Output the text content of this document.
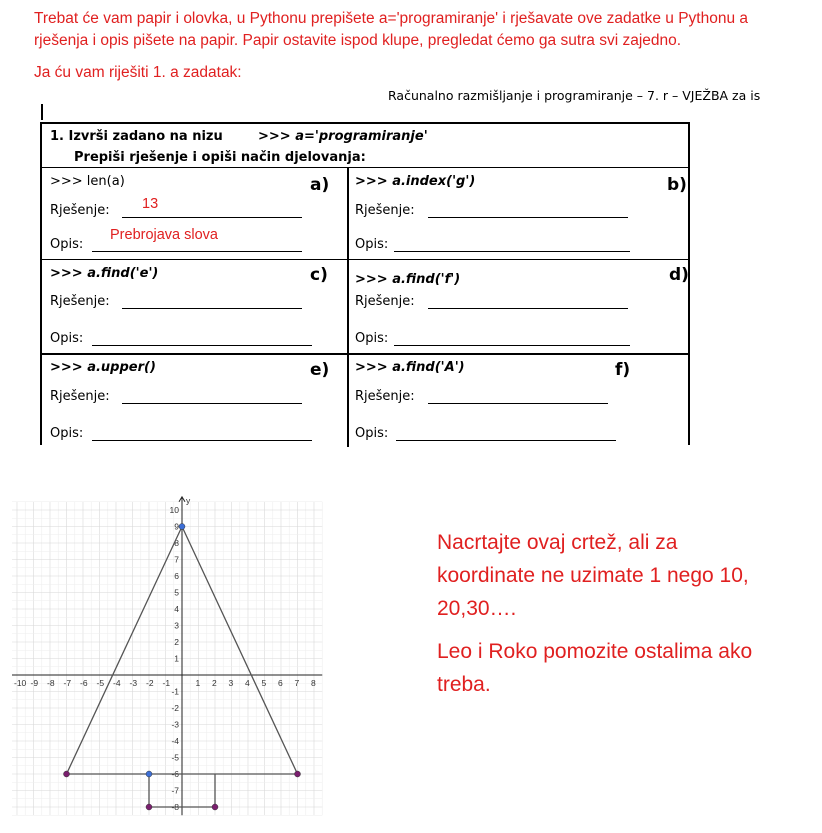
Trebat će vam papir i olovka, u Pythonu prepišete a='programiranje' i rješavate ove zadatke u Pythonu a rješenja i opis pišete na papir. Papir ostavite ispod klupe, pregledat ćemo ga sutra svi zajedno.
Ja ću vam riješiti 1. a zadatak:
Računalno razmišljanje i programiranje – 7. r – VJEŽBA za is
1. Izvrši zadano na nizu	>>> a='programiranje'
Prepiši rješenje i opiši način djelovanja:
>>> len(a)	a)
Rješenje: 13
Opis:
Prebrojava slova
>>> a.index('g')	b)
Rješenje:
Opis:
>>> a.find('e')	c)
Rješenje:
Opis:
>>> a.find('f')	d)
Rješenje:
Opis:
>>> a.upper()	e)
Rješenje:
Opis:
>>> a.find('A')	f)
Rješenje:
Opis:
y
-10 -9 -8 -7 -6 -5 -4 -3 -2 -1	1 2 3 4 5 6 7 8
10
9
8
7
6
5
4
3
2
1
-1
-2
-3
-4
-5
-6
-7
-8

Nacrtajte ovaj crtež, ali za koordinate ne uzimate 1 nego 10, 20,30….

Leo i Roko pomozite ostalima ako treba.
